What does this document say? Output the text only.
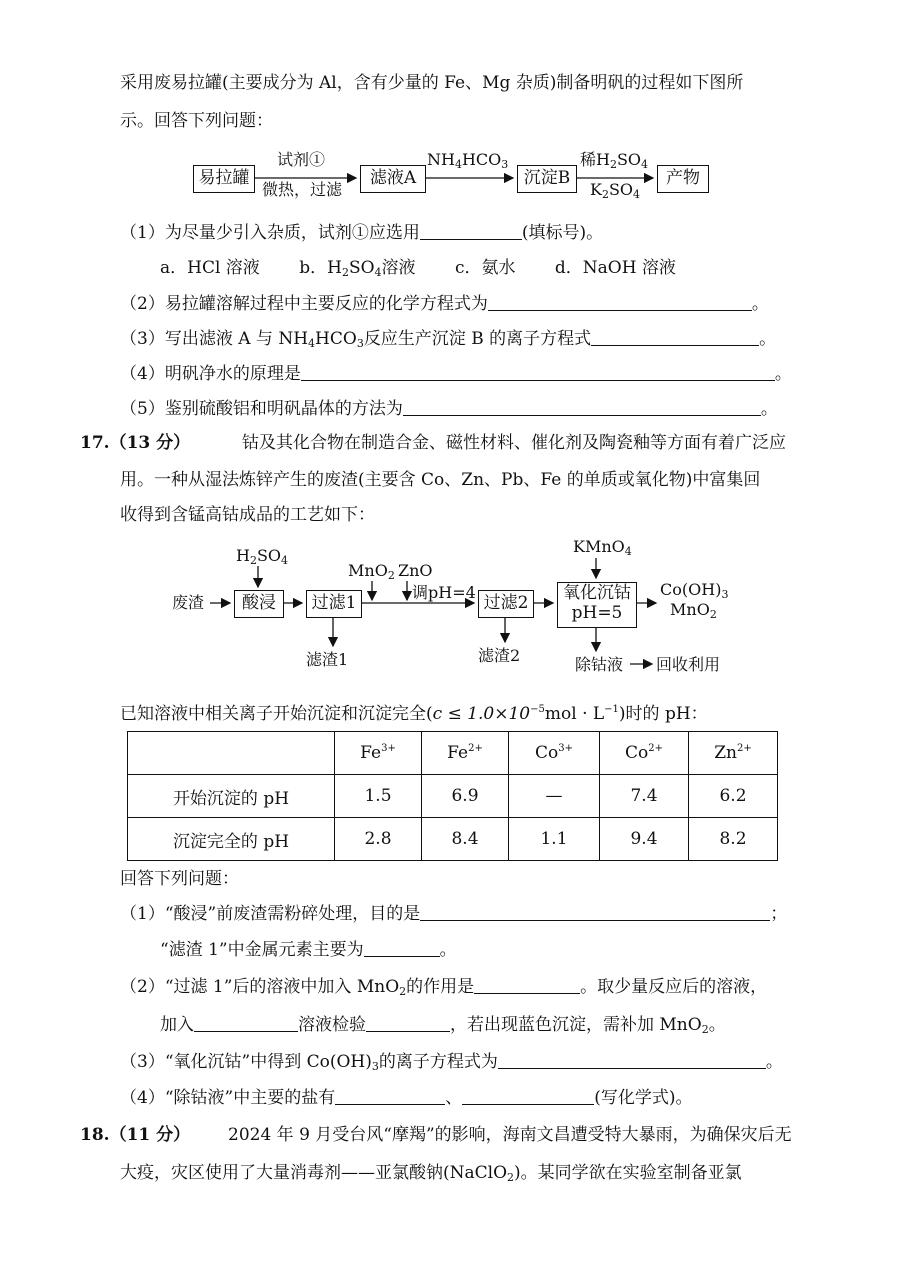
采用废易拉罐(主要成分为 Al，含有少量的 Fe、Mg 杂质)制备明矾的过程如下图所
示。回答下列问题：
易拉罐
试剂①
微热，过滤
滤液A
$NH_4HCO_3$
沉淀B
稀$H_2SO_4$
$K_2SO_4$
产物
（1）为尽量少引入杂质，试剂①应选用	(填标号)。
a．HCl 溶液 b．$H_2SO_4$溶液 c．氨水 d．NaOH 溶液
（2）易拉罐溶解过程中主要反应的化学方程式为	。
（3）写出滤液 A 与 $NH_4HCO_3$反应生产沉淀 B 的离子方程式	。
（4）明矾净水的原理是	。
（5）鉴别硫酸铝和明矾晶体的方法为	。
17.（13 分）	钴及其化合物在制造合金、磁性材料、催化剂及陶瓷釉等方面有着广泛应
用。一种从湿法炼锌产生的废渣(主要含 Co、Zn、Pb、Fe 的单质或氧化物)中富集回
收得到含锰高钴成品的工艺如下：
废渣
$H_2SO_4$
酸浸	过滤1
滤渣1
MnO$_2$ ZnO
调pH=4
过滤2
滤渣2
KMnO$_4$
氧化沉钴
pH=5
$Co(OH)_3$
MnO$_2$
除钴液 回收利用
已知溶液中相关离子开始沉淀和沉淀完全$(c \le 1.0\times 10^{-5}mol \cdot L^{-1})$时的 pH：
	$Fe^{3+}$	$Fe^{2+}$	$Co^{3+}$	$Co^{2+}$	$Zn^{2+}$
开始沉淀的 pH	1.5	6.9	—	7.4	6.2
沉淀完全的 pH	2.8	8.4	1.1	9.4	8.2
回答下列问题：
（1）“酸浸”前废渣需粉碎处理，目的是	；
“滤渣 1”中金属元素主要为	。
（2）“过滤 1”后的溶液中加入 MnO$_2$的作用是	。取少量反应后的溶液，
加入	溶液检验	，若出现蓝色沉淀，需补加 MnO$_2$。
（3）“氧化沉钴”中得到 $Co(OH)_3$的离子方程式为	。
（4）“除钴液”中主要的盐有	、	(写化学式)。
18.（11 分） 2024 年 9 月受台风“摩羯”的影响，海南文昌遭受特大暴雨，为确保灾后无
大疫，灾区使用了大量消毒剂——亚氯酸钠(NaClO$_2$)。某同学欲在实验室制备亚氯
